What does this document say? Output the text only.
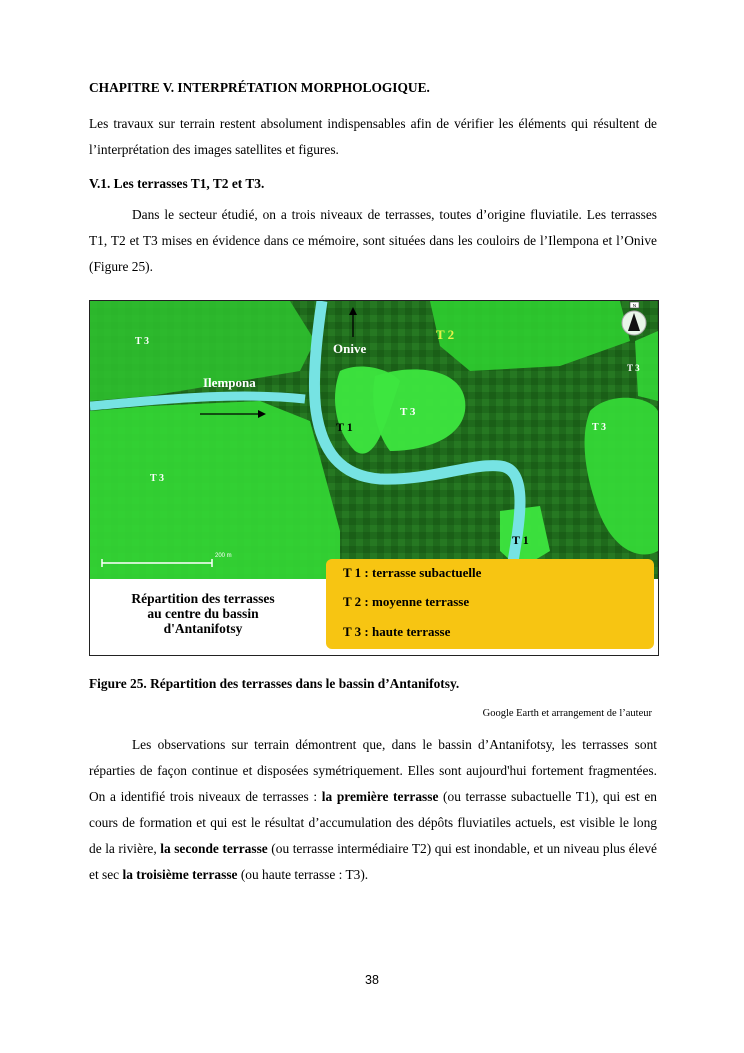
CHAPITRE V. INTERPRÉTATION MORPHOLOGIQUE.
Les travaux sur terrain restent absolument indispensables afin de vérifier les éléments qui résultent de l’interprétation des images satellites et figures.
V.1. Les terrasses T1, T2 et T3.
Dans le secteur étudié, on a trois niveaux de terrasses, toutes d’origine fluviatile. Les terrasses T1, T2 et T3 mises en évidence dans ce mémoire, sont situées dans les couloirs de l’Ilempona et l’Onive (Figure 25).
N
200 m
T 3
T 3
T 3
T 3
T 3
T 2
T 1
T 1
Onive
Ilempona
Répartition des terrasses
au centre du bassin
d'Antanifotsy
T 1 : terrasse subactuelle
T 2 : moyenne terrasse
T 3 : haute terrasse
Figure 25. Répartition des terrasses dans le bassin d’Antanifotsy.
Google Earth et arrangement de l’auteur
Les observations sur terrain démontrent que, dans le bassin d’Antanifotsy, les terrasses sont réparties de façon continue et disposées symétriquement. Elles sont aujourd'hui fortement fragmentées. On a identifié trois niveaux de terrasses : la première terrasse (ou terrasse subactuelle T1), qui est en cours de formation et qui est le résultat d’accumulation des dépôts fluviatiles actuels, est visible le long de la rivière, la seconde terrasse (ou terrasse intermédiaire T2) qui est inondable, et un niveau plus élevé et sec la troisième terrasse (ou haute terrasse : T3).
38
